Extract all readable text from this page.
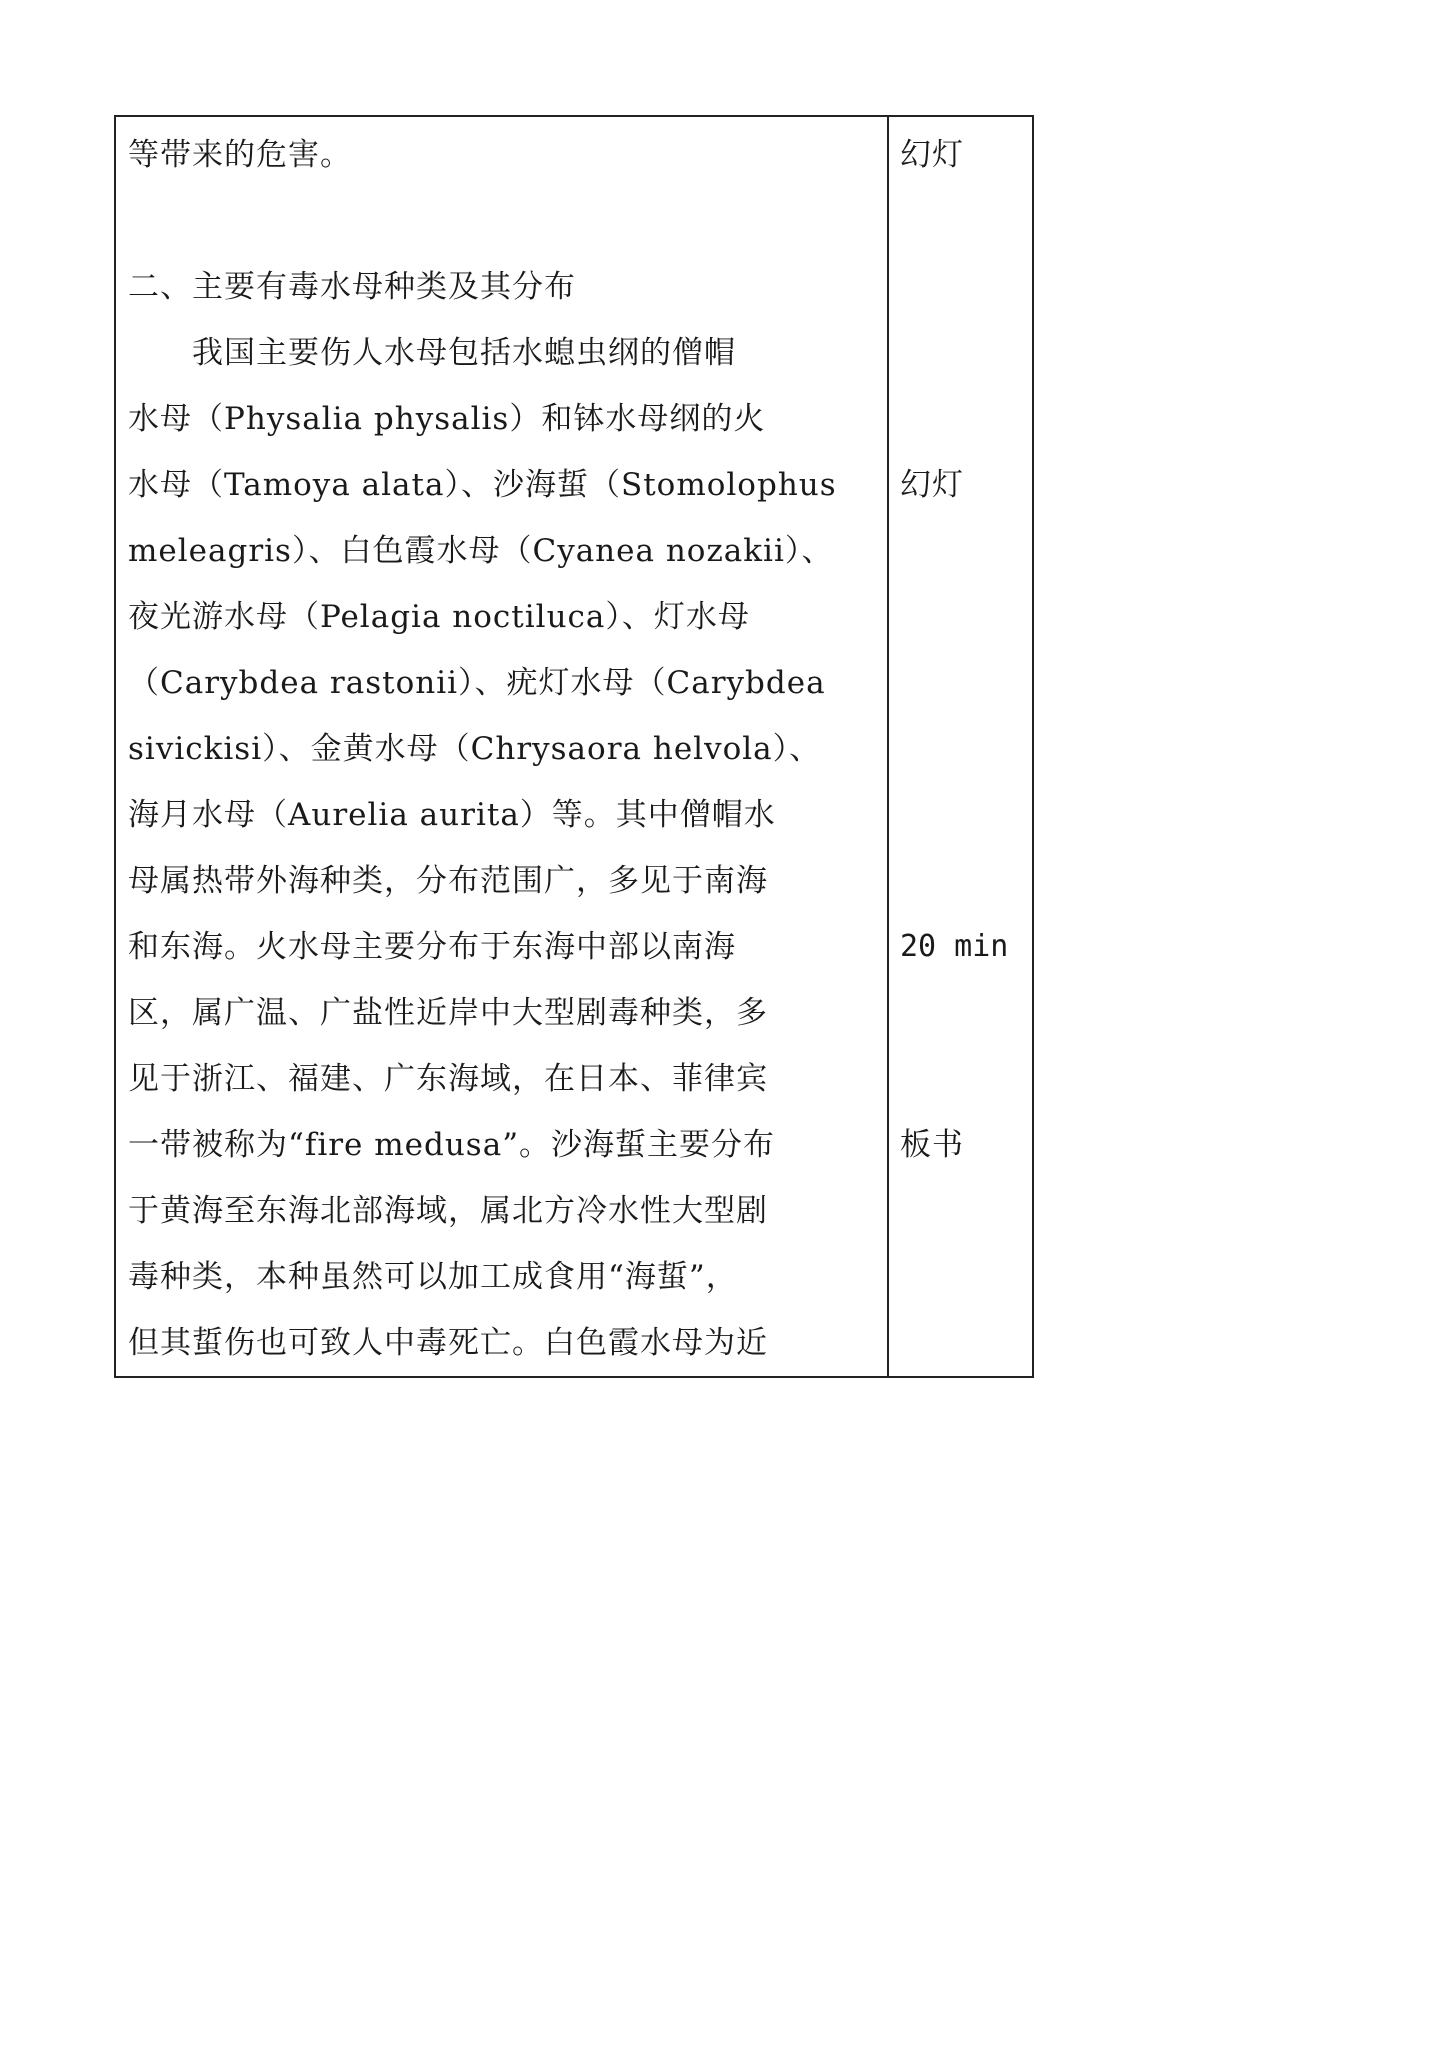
等带来的危害。
二、主要有毒水母种类及其分布
　　我国主要伤人水母包括水螅虫纲的僧帽
水母（Physalia physalis）和钵水母纲的火
水母（Tamoya alata）、沙海蜇（Stomolophus
meleagris）、白色霞水母（Cyanea nozakii）、
夜光游水母（Pelagia noctiluca）、灯水母
（Carybdea rastonii）、疣灯水母（Carybdea
sivickisi）、金黄水母（Chrysaora helvola）、
海月水母（Aurelia aurita）等。其中僧帽水
母属热带外海种类，分布范围广，多见于南海
和东海。火水母主要分布于东海中部以南海
区，属广温、广盐性近岸中大型剧毒种类，多
见于浙江、福建、广东海域，在日本、菲律宾
一带被称为“fire medusa”。沙海蜇主要分布
于黄海至东海北部海域，属北方冷水性大型剧
毒种类，本种虽然可以加工成食用“海蜇”，
但其蜇伤也可致人中毒死亡。白色霞水母为近
幻灯
幻灯
20 min
板书
